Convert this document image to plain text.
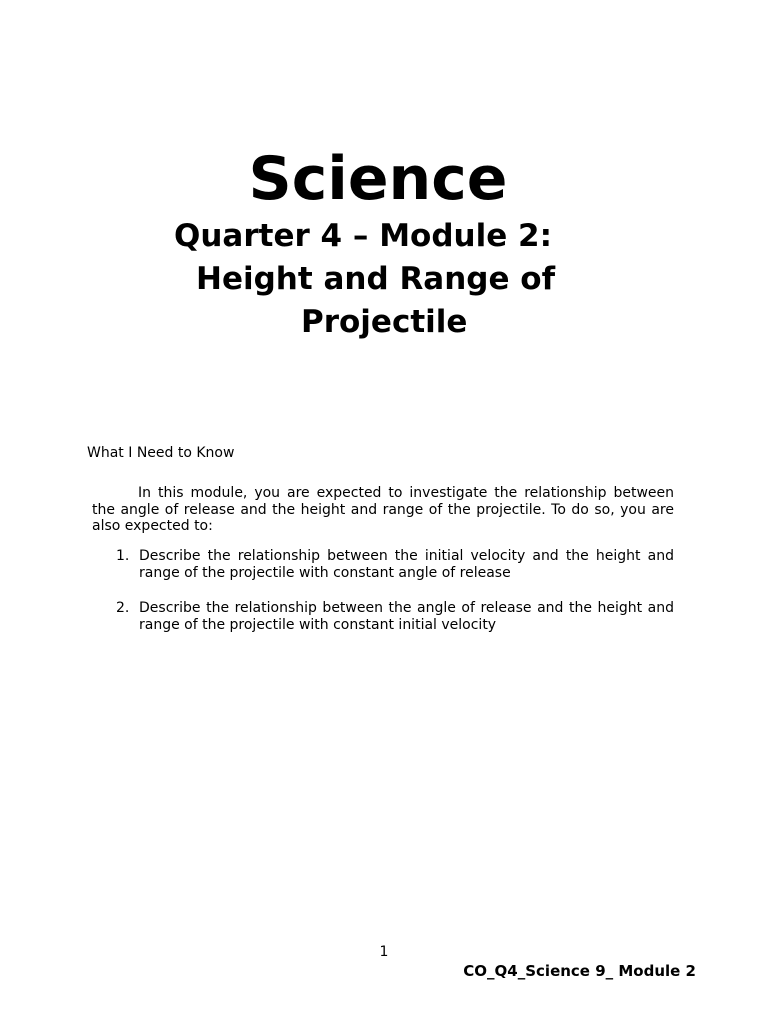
Science
Quarter 4 – Module 2:
Height and Range of
Projectile
What I Need to Know

In this module, you are expected to investigate the relationship between the angle of release and the height and range of the projectile. To do so, you are also expected to:

1. Describe the relationship between the initial velocity and the height and range of the projectile with constant angle of release
2. Describe the relationship between the angle of release and the height and range of the projectile with constant initial velocity
1
CO_Q4_Science 9_ Module 2
